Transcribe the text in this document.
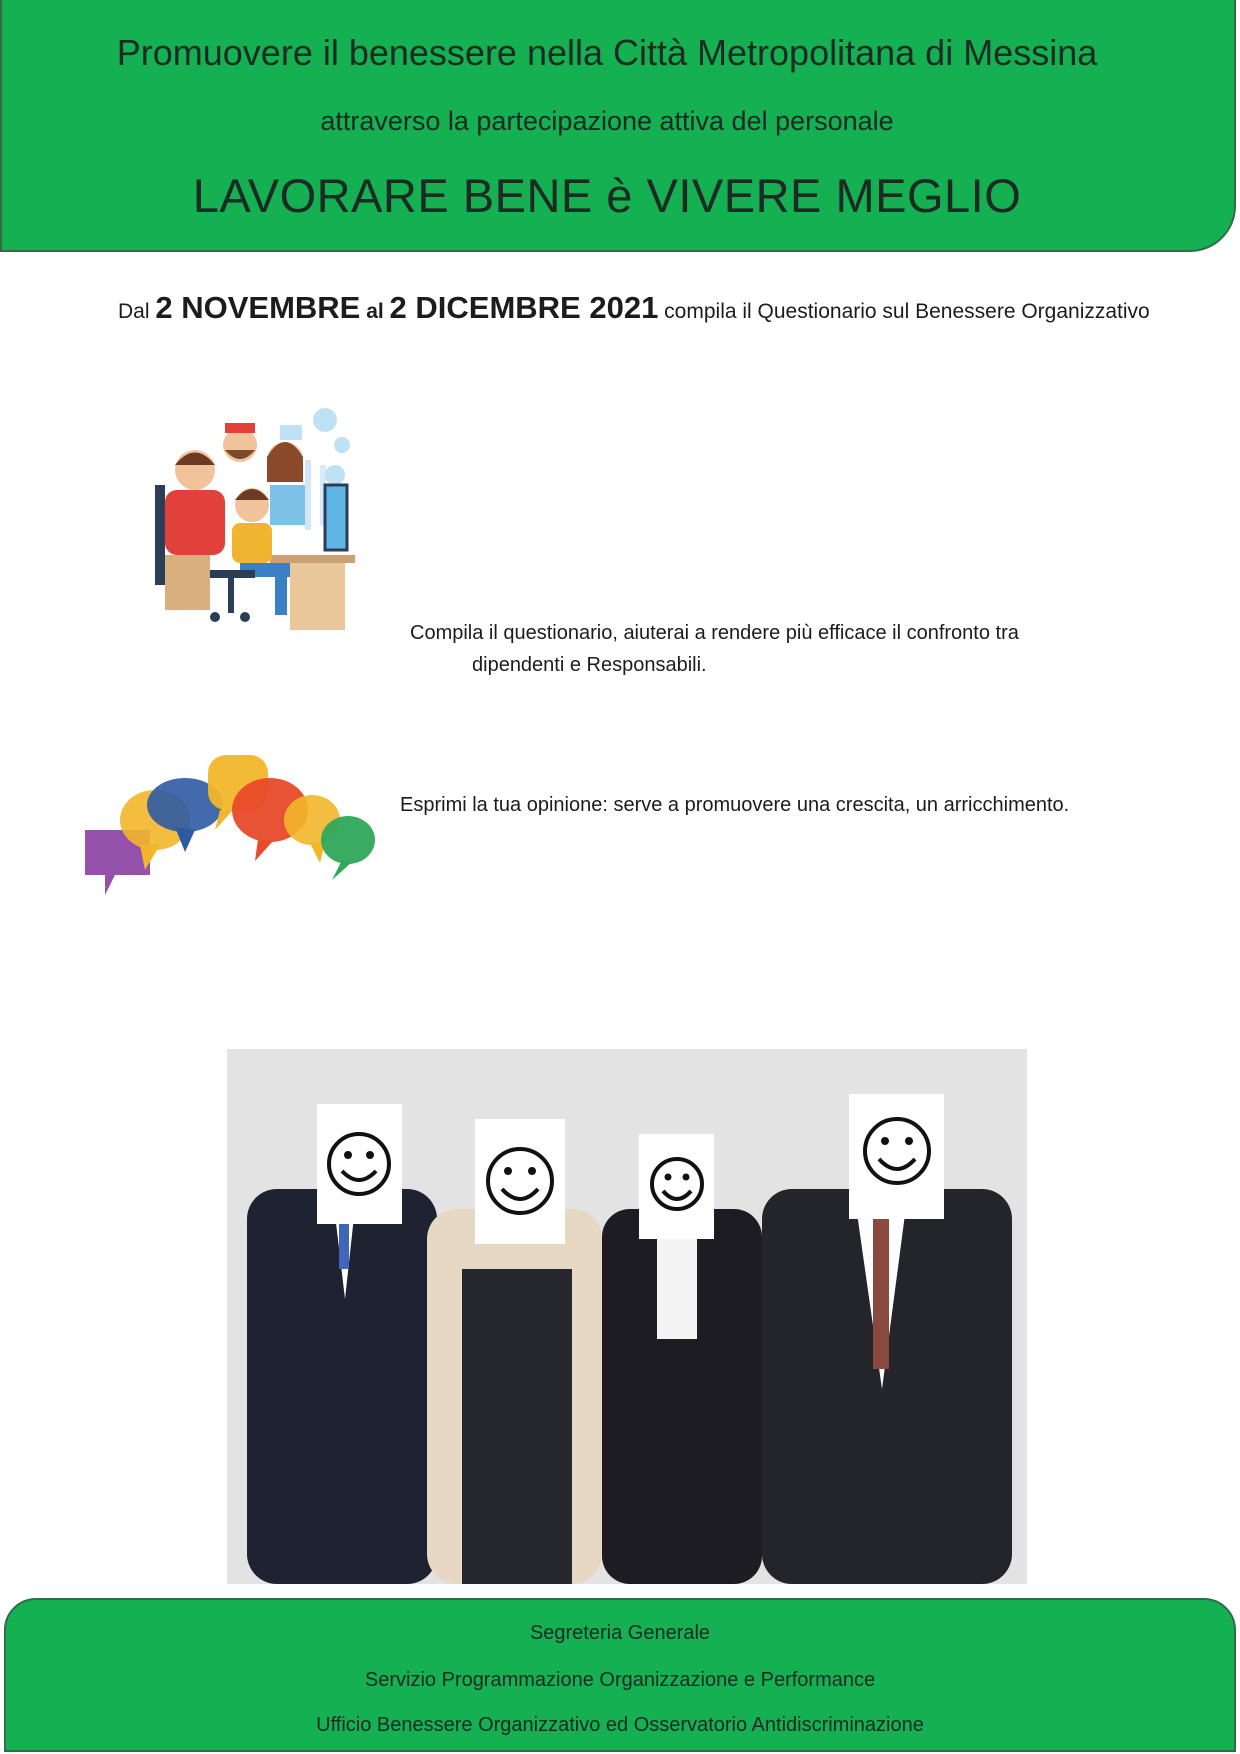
Promuovere il benessere nella Città Metropolitana di Messina
attraverso la partecipazione attiva del personale
LAVORARE BENE è VIVERE MEGLIO
Dal 2 NOVEMBRE al 2 DICEMBRE 2021 compila il Questionario sul Benessere Organizzativo
Compila il questionario, aiuterai a rendere più efficace il confronto tra
dipendenti e Responsabili.
Esprimi la tua opinione: serve a promuovere una crescita, un arricchimento.
Segreteria Generale
Servizio Programmazione Organizzazione e Performance
Ufficio Benessere Organizzativo ed Osservatorio Antidiscriminazione
